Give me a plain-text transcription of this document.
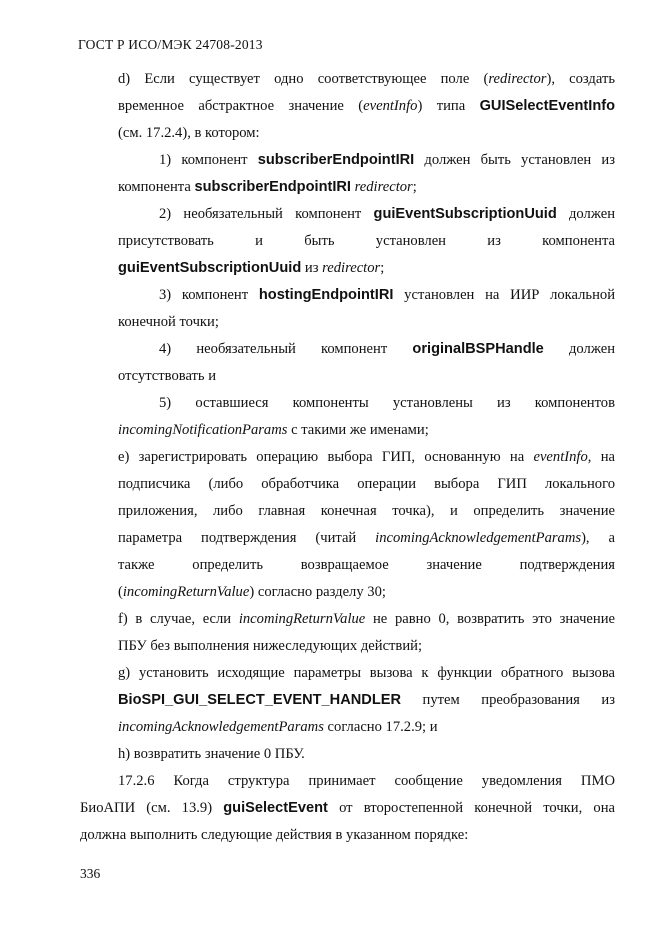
ГОСТ Р ИСО/МЭК 24708-2013
d) Если существует одно соответствующее поле (redirector), создать
временное абстрактное значение (eventInfo) типа GUISelectEventInfo
(см. 17.2.4), в котором:
1) компонент subscriberEndpointIRI должен быть установлен из
компонента subscriberEndpointIRI redirector;
2) необязательный компонент guiEventSubscriptionUuid должен
присутствовать и быть установлен из компонента
guiEventSubscriptionUuid из redirector;
3) компонент hostingEndpointIRI установлен на ИИР локальной
конечной точки;
4) необязательный компонент originalBSPHandle должен
отсутствовать и
5) оставшиеся компоненты установлены из компонентов
incomingNotificationParams с такими же именами;
e) зарегистрировать операцию выбора ГИП, основанную на eventInfo, на
подписчика (либо обработчика операции выбора ГИП локального
приложения, либо главная конечная точка), и определить значение
параметра подтверждения (читай incomingAcknowledgementParams), а
также определить возвращаемое значение подтверждения
(incomingReturnValue) согласно разделу 30;
f) в случае, если incomingReturnValue не равно 0, возвратить это значение
ПБУ без выполнения нижеследующих действий;
g) установить исходящие параметры вызова к функции обратного вызова
BioSPI_GUI_SELECT_EVENT_HANDLER путем преобразования из
incomingAcknowledgementParams согласно 17.2.9; и
h) возвратить значение 0 ПБУ.
17.2.6 Когда структура принимает сообщение уведомления ПМО
БиоАПИ (см. 13.9) guiSelectEvent от второстепенной конечной точки, она
должна выполнить следующие действия в указанном порядке:
336
